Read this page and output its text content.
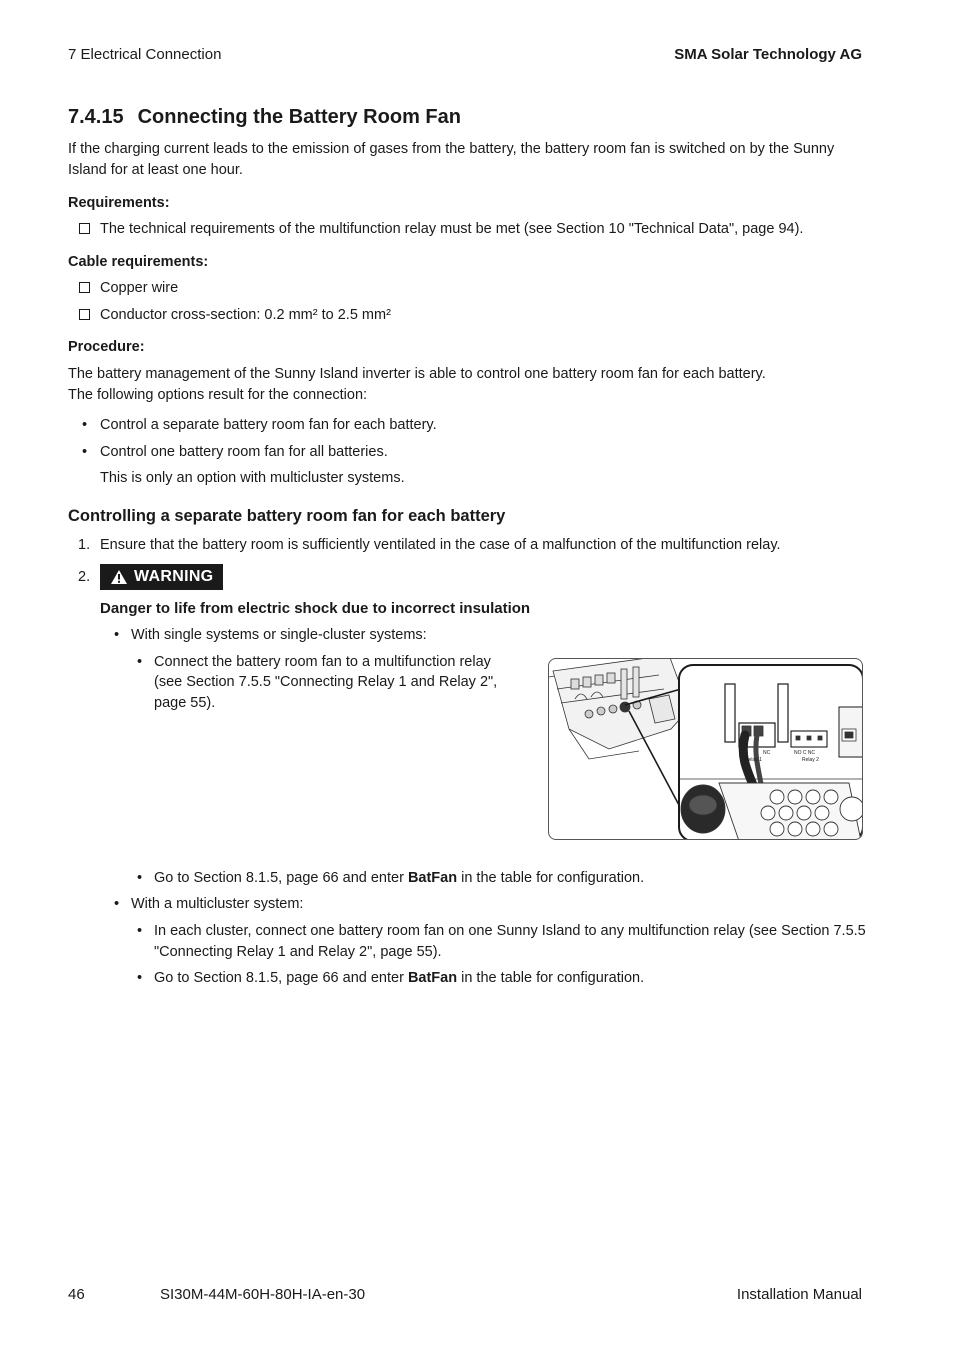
7 Electrical Connection	SMA Solar Technology AG
7.4.15 Connecting the Battery Room Fan

If the charging current leads to the emission of gases from the battery, the battery room fan is switched on by the Sunny Island for at least one hour.

Requirements:
The technical requirements of the multifunction relay must be met (see Section 10 "Technical Data", page 94).
Cable requirements:
Copper wire
Conductor cross-section: 0.2 mm² to 2.5 mm²
Procedure:
The battery management of the Sunny Island inverter is able to control one battery room fan for each battery.

The following options result for the connection:

• Control a separate battery room fan for each battery.
• Control one battery room fan for all batteries.
This is only an option with multicluster systems.
Controlling a separate battery room fan for each battery
1. Ensure that the battery room is sufficiently ventilated in the case of a malfunction of the multifunction relay.
2.	WARNING
Danger to life from electric shock due to incorrect insulation
• With single systems or single-cluster systems:
• Connect the battery room fan to a multifunction relay (see Section 7.5.5 "Connecting Relay 1 and Relay 2", page 55).
NC
Relay 1
NO C NC
Relay 2
• Go to Section 8.1.5, page 66 and enter BatFan in the table for configuration.
• With a multicluster system:
• In each cluster, connect one battery room fan on one Sunny Island to any multifunction relay (see Section 7.5.5 "Connecting Relay 1 and Relay 2", page 55).
• Go to Section 8.1.5, page 66 and enter BatFan in the table for configuration.
46	SI30M-44M-60H-80H-IA-en-30	Installation Manual
